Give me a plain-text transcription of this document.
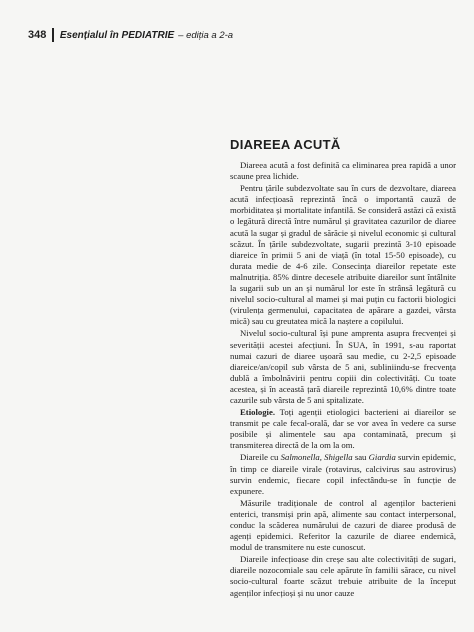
348 Esențialul în PEDIATRIE – ediția a 2-a
DIAREEA ACUTĂ

Diareea acută a fost definită ca eliminarea prea rapidă a unor scaune prea lichide.

Pentru țările subdezvoltate sau în curs de dezvoltare, diareea acută infecțioasă reprezintă încă o importantă cauză de morbiditatea și mortalitate infantilă. Se consideră astăzi că există o legătură directă între numărul și gravitatea cazurilor de diaree acută la sugar și gradul de sărăcie și nivelul economic și cultural scăzut. În țările subdezvoltate, sugarii prezintă 3-10 episoade diareice în primii 5 ani de viață (în total 15-50 episoade), cu durata medie de 4-6 zile. Consecința diareilor repetate este malnutriția. 85% dintre decesele atribuite diareilor sunt întâlnite la sugarii sub un an și numărul lor este în strânsă legătură cu nivelul socio-cultural al mamei și mai puțin cu factorii biologici (virulența germenului, capacitatea de apărare a gazdei, vârsta mică) sau cu greutatea mică la naștere a copilului.

Nivelul socio-cultural își pune amprenta asupra frecvenței și severității acestei afecțiuni. În SUA, în 1991, s-au raportat numai cazuri de diaree ușoară sau medie, cu 2-2,5 episoade diareice/an/copil sub vârsta de 5 ani, subliniindu-se frecvența dublă a îmbolnăvirii pentru copiii din colectivități. Cu toate acestea, și în această țară diareile reprezintă 10,6% dintre toate cazurile sub vârsta de 5 ani spitalizate.

Etiologie. Toți agenții etiologici bacterieni ai diareilor se transmit pe cale fecal-orală, dar se vor avea în vedere ca surse posibile și alimentele sau apa contaminată, precum și transmiterea directă de la om la om.

Diareile cu Salmonella, Shigella sau Giardia survin epidemic, în timp ce diareile virale (rotavirus, calcivirus sau astrovirus) survin endemic, fiecare copil infectându-se în funcție de expunere.

Măsurile tradiționale de control al agenților bacterieni enterici, transmiși prin apă, alimente sau contact interpersonal, conduc la scăderea numărului de cazuri de diaree produsă de agenți epidemici. Referitor la cazurile de diaree endemică, modul de transmitere nu este cunoscut.

Diareile infecțioase din creșe sau alte colectivități de sugari, diareile nozocomiale sau cele apărute în familii sărace, cu nivel socio-cultural foarte scăzut trebuie atribuite de la început agenților infecțioși și nu unor cauze
